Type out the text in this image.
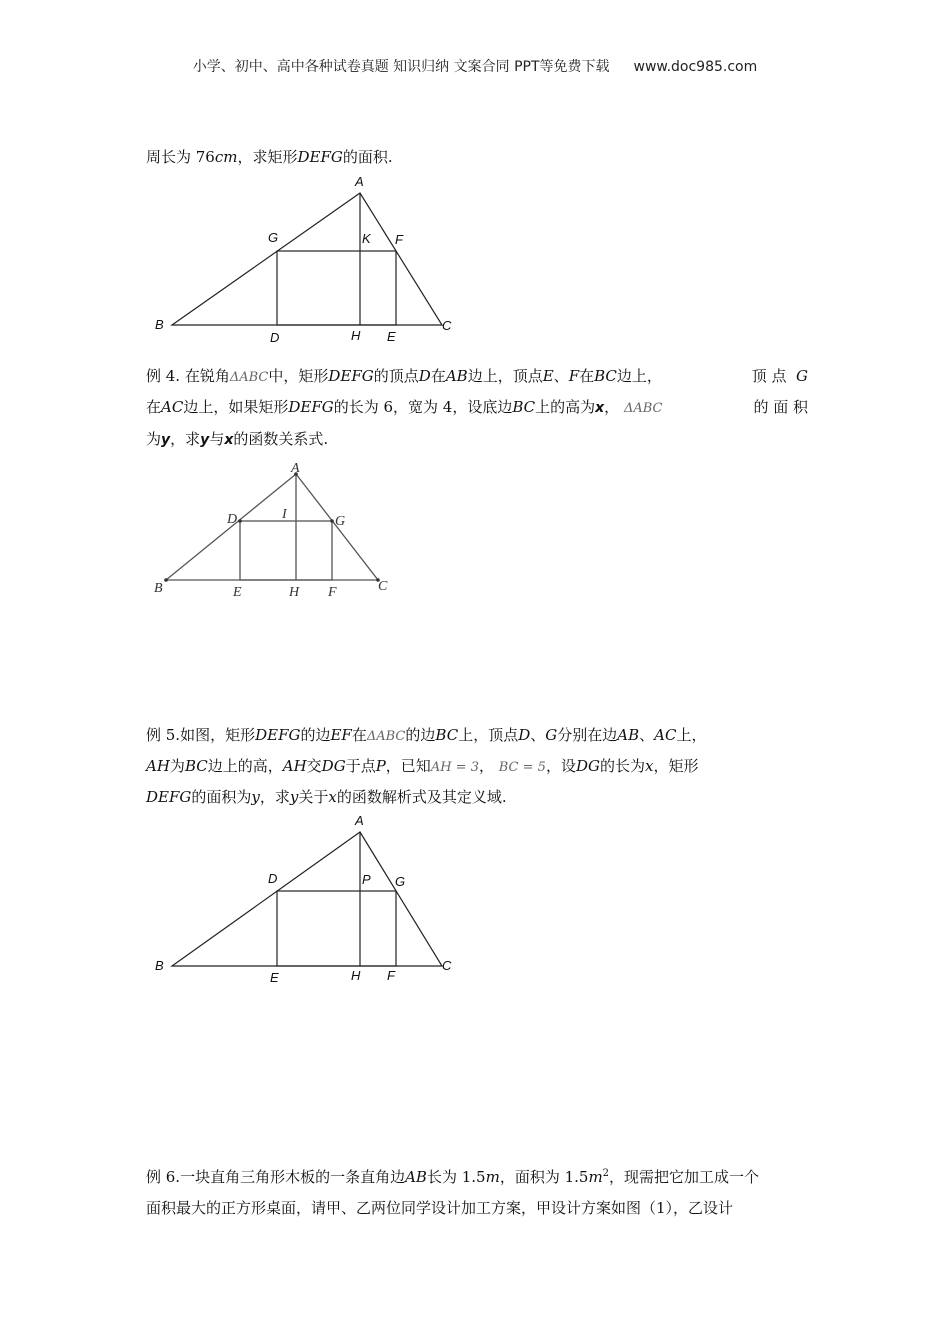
小学、初中、高中各种试卷真题 知识归纳 文案合同 PPT等免费下载 www.doc985.com
周长为 76cm，求矩形DEFG的面积.
A
B	C
D	E
F
G
H
K
A
B	C
D
E	F
G
H
I
A
B	C
D
E	F
G
H
P
例 4. 在锐角ΔABC中，矩形DEFG的顶点D在AB边上，顶点E、F在BC边上，	顶 点 G
在AC边上，如果矩形DEFG的长为 6，宽为 4，设底边BC上的高为x， ΔABC	的 面 积
为y，求y与x的函数关系式.
例 5.如图，矩形DEFG的边EF在ΔABC的边BC上，顶点D、G分别在边AB、AC上，
AH为BC边上的高，AH交DG于点P，已知AH = 3， BC = 5，设DG的长为x，矩形
DEFG的面积为y，求y关于x的函数解析式及其定义域.
例 6.一块直角三角形木板的一条直角边AB长为 1.5m，面积为 $1.5m^2$，现需把它加工成一个
面积最大的正方形桌面，请甲、乙两位同学设计加工方案，甲设计方案如图（1），乙设计
